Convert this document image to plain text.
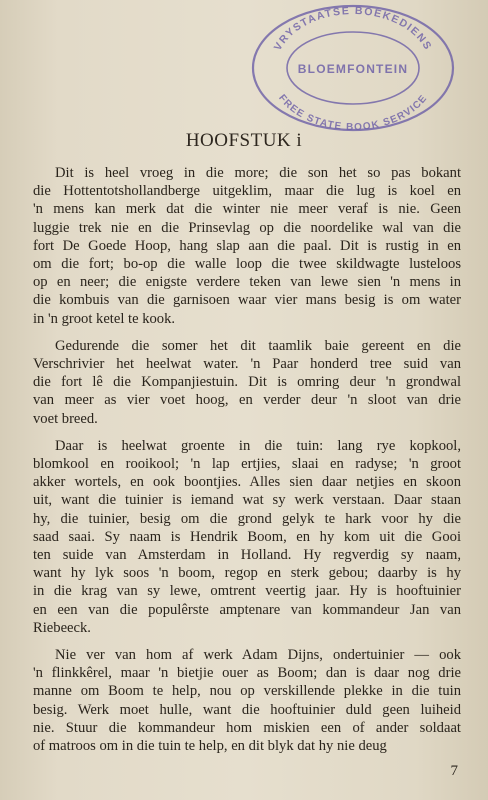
VRYSTAATSE BOEKEDIENS
BLOEMFONTEIN
FREE STATE BOOK SERVICE
HOOFSTUK i

Dit is heel vroeg in die more; die son het so pas bokant
die Hottentotshollandberge uitgeklim, maar die lug is koel en
'n mens kan merk dat die winter nie meer veraf is nie. Geen
luggie trek nie en die Prinsevlag op die noordelike wal van die
fort De Goede Hoop, hang slap aan die paal. Dit is rustig in en
om die fort; bo-op die walle loop die twee skildwagte lusteloos
op en neer; die enigste verdere teken van lewe sien 'n mens in
die kombuis van die garnisoen waar vier mans besig is om water
in 'n groot ketel te kook.

Gedurende die somer het dit taamlik baie gereent en die
Verschrivier het heelwat water. 'n Paar honderd tree suid van
die fort lê die Kompanjiestuin. Dit is omring deur 'n grondwal
van meer as vier voet hoog, en verder deur 'n sloot van drie
voet breed.

Daar is heelwat groente in die tuin: lang rye kopkool,
blomkool en rooikool; 'n lap ertjies, slaai en radyse; 'n groot
akker wortels, en ook boontjies. Alles sien daar netjies en skoon
uit, want die tuinier is iemand wat sy werk verstaan. Daar staan
hy, die tuinier, besig om die grond gelyk te hark voor hy die
saad saai. Sy naam is Hendrik Boom, en hy kom uit die Gooi
ten suide van Amsterdam in Holland. Hy regverdig sy naam,
want hy lyk soos 'n boom, regop en sterk gebou; daarby is hy
in die krag van sy lewe, omtrent veertig jaar. Hy is hooftuinier
en een van die populêrste amptenare van kommandeur Jan van
Riebeeck.

Nie ver van hom af werk Adam Dijns, ondertuinier — ook
'n flinkkêrel, maar 'n bietjie ouer as Boom; dan is daar nog drie
manne om Boom te help, nou op verskillende plekke in die tuin
besig. Werk moet hulle, want die hooftuinier duld geen luiheid
nie. Stuur die kommandeur hom miskien een of ander soldaat
of matroos om in die tuin te help, en dit blyk dat hy nie deug

7
